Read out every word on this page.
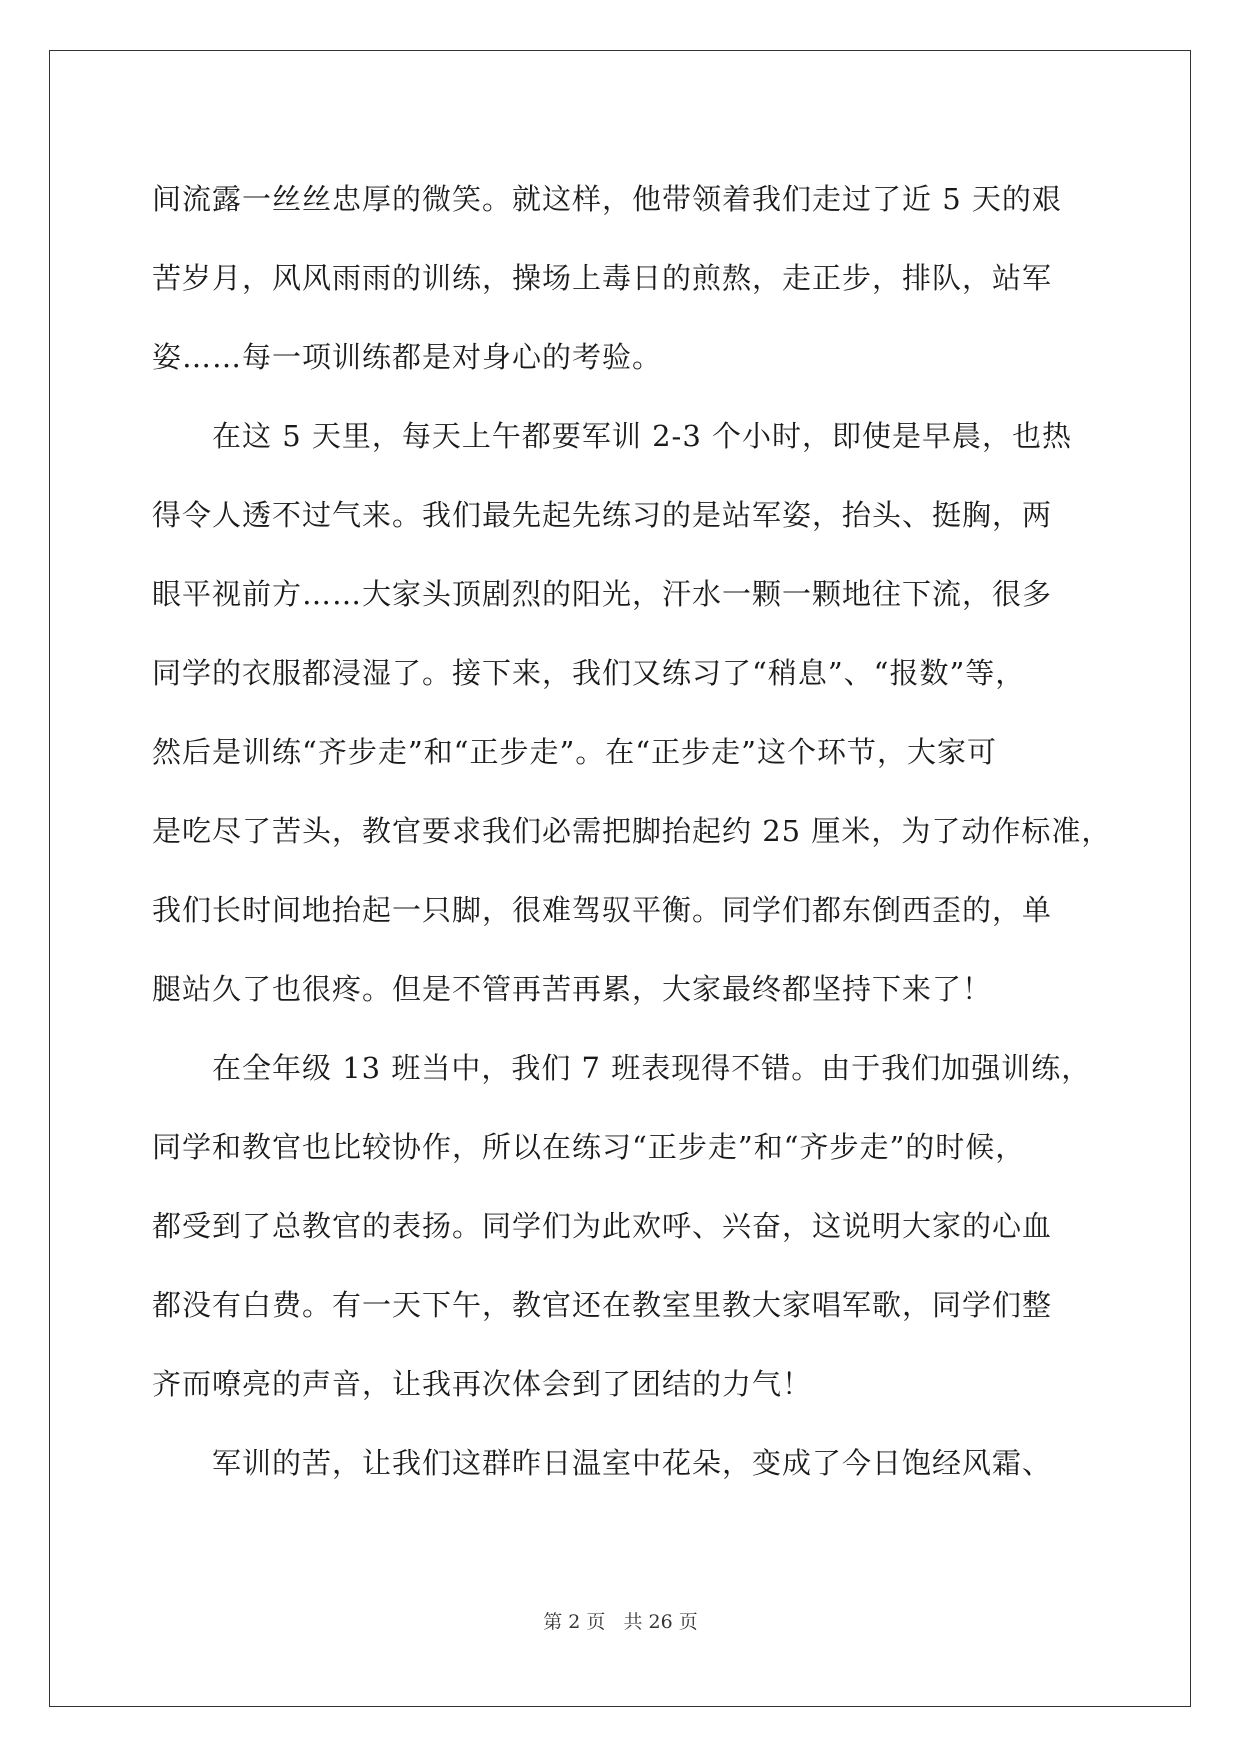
间流露一丝丝忠厚的微笑。就这样，他带领着我们走过了近 5 天的艰
苦岁月，风风雨雨的训练，操场上毒日的煎熬，走正步，排队，站军
姿……每一项训练都是对身心的考验。
在这 5 天里，每天上午都要军训 2-3 个小时，即使是早晨，也热
得令人透不过气来。我们最先起先练习的是站军姿，抬头、挺胸，两
眼平视前方……大家头顶剧烈的阳光，汗水一颗一颗地往下流，很多
同学的衣服都浸湿了。接下来，我们又练习了“稍息”、“报数”等，
然后是训练“齐步走”和“正步走”。在“正步走”这个环节，大家可
是吃尽了苦头，教官要求我们必需把脚抬起约 25 厘米，为了动作标准，
我们长时间地抬起一只脚，很难驾驭平衡。同学们都东倒西歪的，单
腿站久了也很疼。但是不管再苦再累，大家最终都坚持下来了！
在全年级 13 班当中，我们 7 班表现得不错。由于我们加强训练，
同学和教官也比较协作，所以在练习“正步走”和“齐步走”的时候，
都受到了总教官的表扬。同学们为此欢呼、兴奋，这说明大家的心血
都没有白费。有一天下午，教官还在教室里教大家唱军歌，同学们整
齐而嘹亮的声音，让我再次体会到了团结的力气！
军训的苦，让我们这群昨日温室中花朵，变成了今日饱经风霜、
第 2 页 共 26 页
